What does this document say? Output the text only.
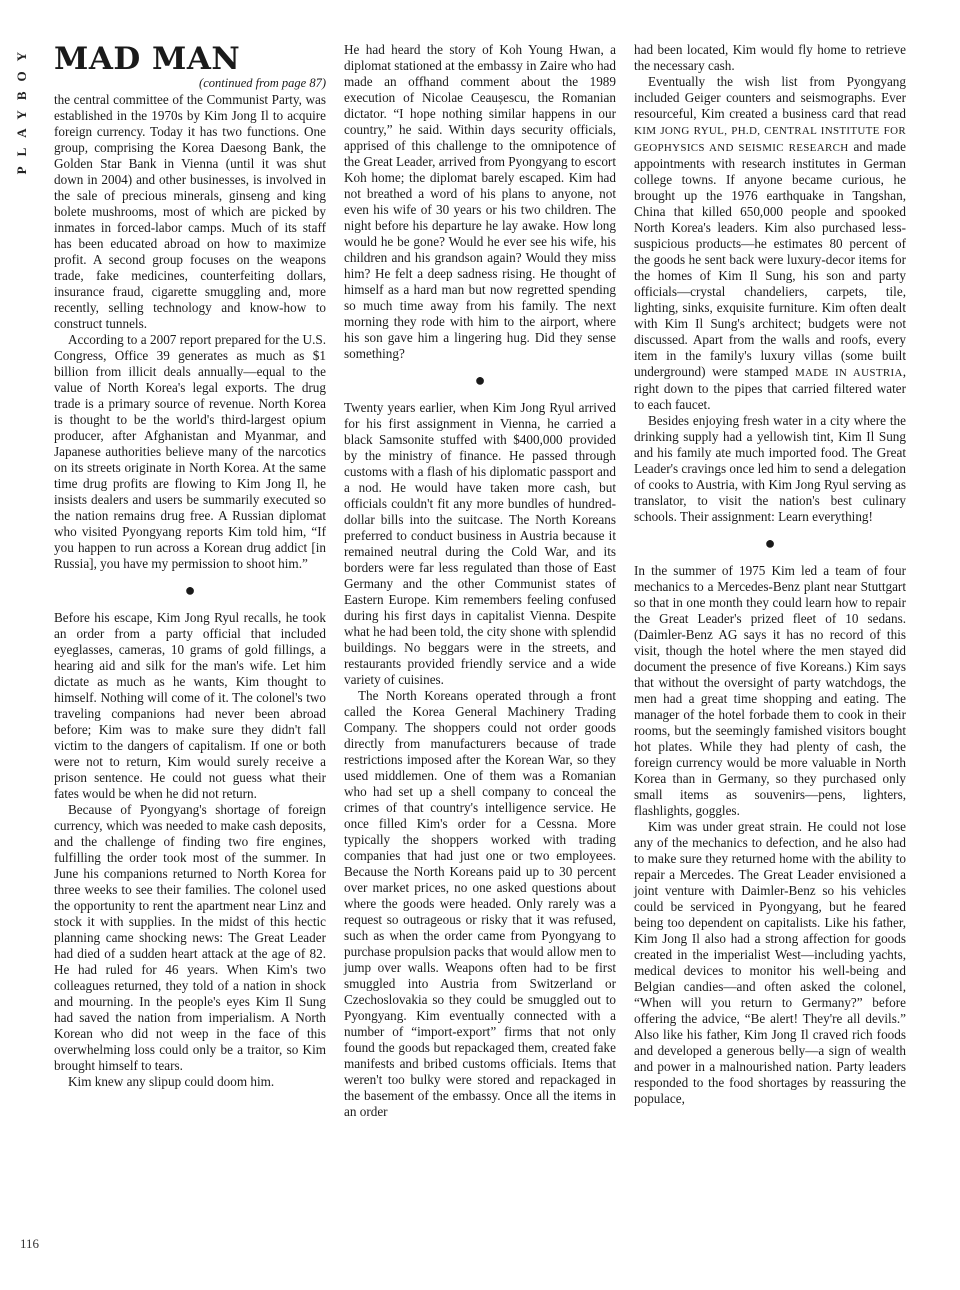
PLAYBOY
116
MAD MAN
(continued from page 87)

the central committee of the Communist Party, was established in the 1970s by Kim Jong Il to acquire foreign currency. Today it has two functions. One group, comprising the Korea Daesong Bank, the Golden Star Bank in Vienna (until it was shut down in 2004) and other businesses, is involved in the sale of precious minerals, ginseng and king bolete mushrooms, most of which are picked by inmates in forced-labor camps. Much of its staff has been educated abroad on how to maximize profit. A second group focuses on the weapons trade, fake medicines, counterfeiting dollars, insurance fraud, cigarette smuggling and, more recently, selling technology and know-how to construct tunnels.

According to a 2007 report prepared for the U.S. Congress, Office 39 generates as much as $1 billion from illicit deals annually—equal to the value of North Korea's legal exports. The drug trade is a primary source of revenue. North Korea is thought to be the world's third-largest opium producer, after Afghanistan and Myanmar, and Japanese authorities believe many of the narcotics on its streets originate in North Korea. At the same time drug profits are flowing to Kim Jong Il, he insists dealers and users be summarily executed so the nation remains drug free. A Russian diplomat who visited Pyongyang reports Kim told him, “If you happen to run across a Korean drug addict [in Russia], you have my permission to shoot him.”

●

Before his escape, Kim Jong Ryul recalls, he took an order from a party official that included eyeglasses, cameras, 10 grams of gold fillings, a hearing aid and silk for the man's wife. Let him dictate as much as he wants, Kim thought to himself. Nothing will come of it. The colonel's two traveling companions had never been abroad before; Kim was to make sure they didn't fall victim to the dangers of capitalism. If one or both were not to return, Kim would surely receive a prison sentence. He could not guess what their fates would be when he did not return.

Because of Pyongyang's shortage of foreign currency, which was needed to make cash deposits, and the challenge of finding two fire engines, fulfilling the order took most of the summer. In June his companions returned to North Korea for three weeks to see their families. The colonel used the opportunity to rent the apartment near Linz and stock it with supplies. In the midst of this hectic planning came shocking news: The Great Leader had died of a sudden heart attack at the age of 82. He had ruled for 46 years. When Kim's two colleagues returned, they told of a nation in shock and mourning. In the people's eyes Kim Il Sung had saved the nation from imperialism. A North Korean who did not weep in the face of this overwhelming loss could only be a traitor, so Kim brought himself to tears.

Kim knew any slipup could doom him.

He had heard the story of Koh Young Hwan, a diplomat stationed at the embassy in Zaire who had made an offhand comment about the 1989 execution of Nicolae Ceaușescu, the Romanian dictator. “I hope nothing similar happens in our country,” he said. Within days security officials, apprised of this challenge to the omnipotence of the Great Leader, arrived from Pyongyang to escort Koh home; the diplomat barely escaped. Kim had not breathed a word of his plans to anyone, not even his wife of 30 years or his two children. The night before his departure he lay awake. How long would he be gone? Would he ever see his wife, his children and his grandson again? Would they miss him? He felt a deep sadness rising. He thought of himself as a hard man but now regretted spending so much time away from his family. The next morning they rode with him to the airport, where his son gave him a lingering hug. Did they sense something?

●

Twenty years earlier, when Kim Jong Ryul arrived for his first assignment in Vienna, he carried a black Samsonite stuffed with $400,000 provided by the ministry of finance. He passed through customs with a flash of his diplomatic passport and a nod. He would have taken more cash, but officials couldn't fit any more bundles of hundred-dollar bills into the suitcase. The North Koreans preferred to conduct business in Austria because it remained neutral during the Cold War, and its borders were far less regulated than those of East Germany and the other Communist states of Eastern Europe. Kim remembers feeling confused during his first days in capitalist Vienna. Despite what he had been told, the city shone with splendid buildings. No beggars were in the streets, and restaurants provided friendly service and a wide variety of cuisines.

The North Koreans operated through a front called the Korea General Machinery Trading Company. The shoppers could not order goods directly from manufacturers because of trade restrictions imposed after the Korean War, so they used middlemen. One of them was a Romanian who had set up a shell company to conceal the crimes of that country's intelligence service. He once filled Kim's order for a Cessna. More typically the shoppers worked with trading companies that had just one or two employees. Because the North Koreans paid up to 30 percent over market prices, no one asked questions about where the goods were headed. Only rarely was a request so outrageous or risky that it was refused, such as when the order came from Pyongyang to purchase propulsion packs that would allow men to jump over walls. Weapons often had to be first smuggled into Austria from Switzerland or Czechoslovakia so they could be smuggled out to Pyongyang. Kim eventually connected with a number of “import-export” firms that not only found the goods but repackaged them, created fake manifests and bribed customs officials. Items that weren't too bulky were stored and repackaged in the basement of the embassy. Once all the items in an order

had been located, Kim would fly home to retrieve the necessary cash.

Eventually the wish list from Pyongyang included Geiger counters and seismographs. Ever resourceful, Kim created a business card that read KIM JONG RYUL, PH.D, CENTRAL INSTITUTE FOR GEOPHYSICS AND SEISMIC RESEARCH and made appointments with research institutes in German college towns. If anyone became curious, he brought up the 1976 earthquake in Tangshan, China that killed 650,000 people and spooked North Korea's leaders. Kim also purchased less-suspicious products—he estimates 80 percent of the goods he sent back were luxury-decor items for the homes of Kim Il Sung, his son and party officials—crystal chandeliers, carpets, tile, lighting, sinks, exquisite furniture. Kim often dealt with Kim Il Sung's architect; budgets were not discussed. Apart from the walls and roofs, every item in the family's luxury villas (some built underground) were stamped MADE IN AUSTRIA, right down to the pipes that carried filtered water to each faucet.

Besides enjoying fresh water in a city where the drinking supply had a yellowish tint, Kim Il Sung and his family ate much imported food. The Great Leader's cravings once led him to send a delegation of cooks to Austria, with Kim Jong Ryul serving as translator, to visit the nation's best culinary schools. Their assignment: Learn everything!

●

In the summer of 1975 Kim led a team of four mechanics to a Mercedes-Benz plant near Stuttgart so that in one month they could learn how to repair the Great Leader's prized fleet of 10 sedans. (Daimler-Benz AG says it has no record of this visit, though the hotel where the men stayed did document the presence of five Koreans.) Kim says that without the oversight of party watchdogs, the men had a great time shopping and eating. The manager of the hotel forbade them to cook in their rooms, but the seemingly famished visitors bought hot plates. While they had plenty of cash, the foreign currency would be more valuable in North Korea than in Germany, so they purchased only small items as souvenirs—pens, lighters, flashlights, goggles.

Kim was under great strain. He could not lose any of the mechanics to defection, and he also had to make sure they returned home with the ability to repair a Mercedes. The Great Leader envisioned a joint venture with Daimler-Benz so his vehicles could be serviced in Pyongyang, but he feared being too dependent on capitalists. Like his father, Kim Jong Il also had a strong affection for goods created in the imperialist West—including yachts, medical devices to monitor his well-being and Belgian candies—and often asked the colonel, “When will you return to Germany?” before offering the advice, “Be alert! They're all devils.” Also like his father, Kim Jong Il craved rich foods and developed a generous belly—a sign of wealth and power in a malnourished nation. Party leaders responded to the food shortages by reassuring the populace,
